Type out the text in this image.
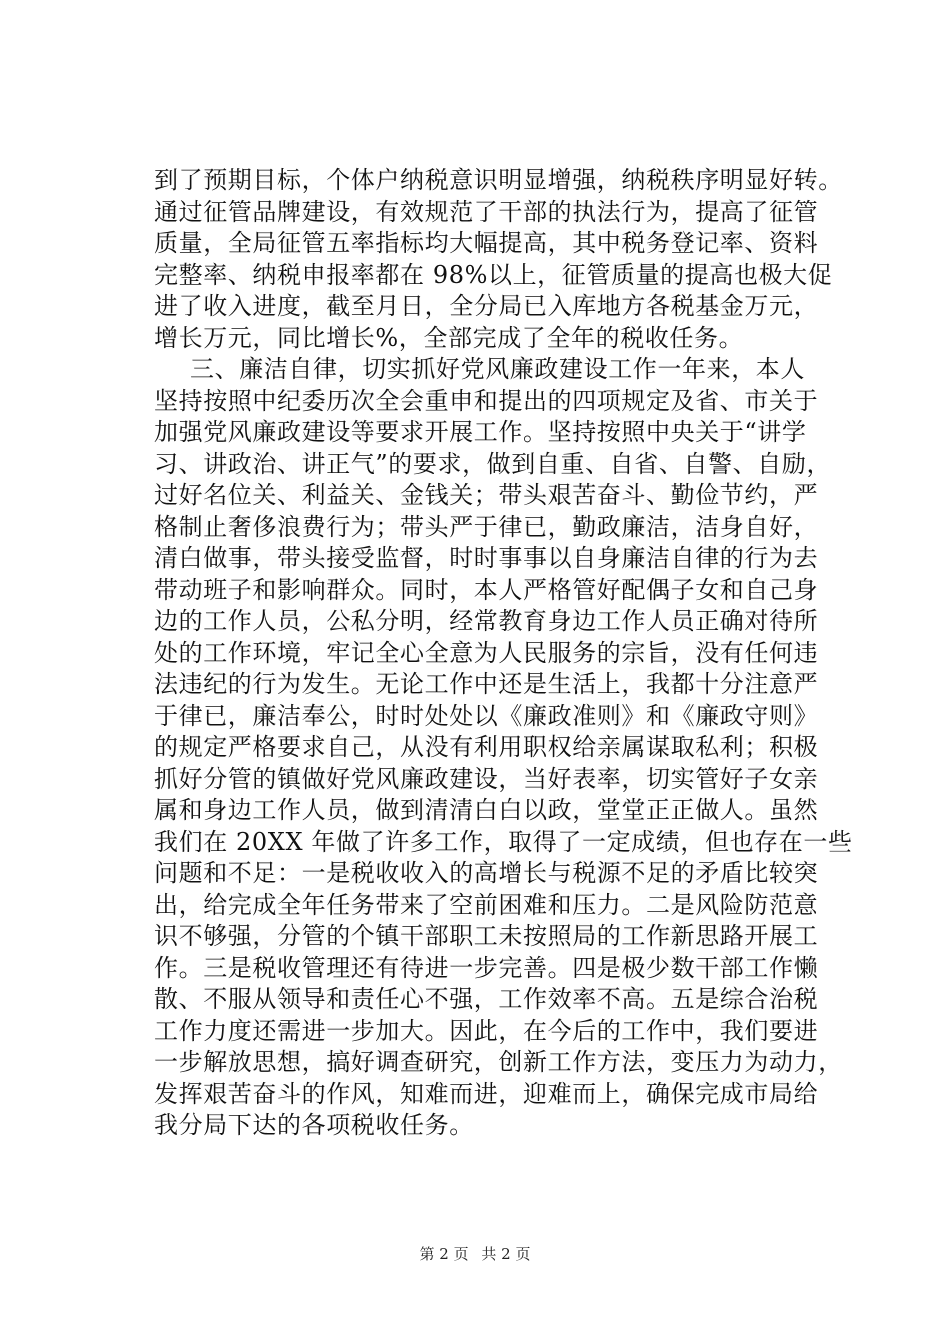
到了预期目标，个体户纳税意识明显增强，纳税秩序明显好转。
通过征管品牌建设，有效规范了干部的执法行为，提高了征管
质量，全局征管五率指标均大幅提高，其中税务登记率、资料
完整率、纳税申报率都在 98%以上，征管质量的提高也极大促
进了收入进度，截至月日，全分局已入库地方各税基金万元，
增长万元，同比增长%，全部完成了全年的税收任务。
三、廉洁自律，切实抓好党风廉政建设工作一年来，本人
坚持按照中纪委历次全会重申和提出的四项规定及省、市关于
加强党风廉政建设等要求开展工作。坚持按照中央关于“讲学
习、讲政治、讲正气”的要求，做到自重、自省、自警、自励，
过好名位关、利益关、金钱关；带头艰苦奋斗、勤俭节约，严
格制止奢侈浪费行为；带头严于律已，勤政廉洁，洁身自好，
清白做事，带头接受监督，时时事事以自身廉洁自律的行为去
带动班子和影响群众。同时，本人严格管好配偶子女和自己身
边的工作人员，公私分明，经常教育身边工作人员正确对待所
处的工作环境，牢记全心全意为人民服务的宗旨，没有任何违
法违纪的行为发生。无论工作中还是生活上，我都十分注意严
于律已，廉洁奉公，时时处处以《廉政准则》和《廉政守则》
的规定严格要求自己，从没有利用职权给亲属谋取私利；积极
抓好分管的镇做好党风廉政建设，当好表率，切实管好子女亲
属和身边工作人员，做到清清白白以政，堂堂正正做人。虽然
我们在 20XX 年做了许多工作，取得了一定成绩，但也存在一些
问题和不足：一是税收收入的高增长与税源不足的矛盾比较突
出，给完成全年任务带来了空前困难和压力。二是风险防范意
识不够强，分管的个镇干部职工未按照局的工作新思路开展工
作。三是税收管理还有待进一步完善。四是极少数干部工作懒
散、不服从领导和责任心不强，工作效率不高。五是综合治税
工作力度还需进一步加大。因此，在今后的工作中，我们要进
一步解放思想，搞好调查研究，创新工作方法，变压力为动力，
发挥艰苦奋斗的作风，知难而进，迎难而上，确保完成市局给
我分局下达的各项税收任务。
第 2 页 共 2 页
